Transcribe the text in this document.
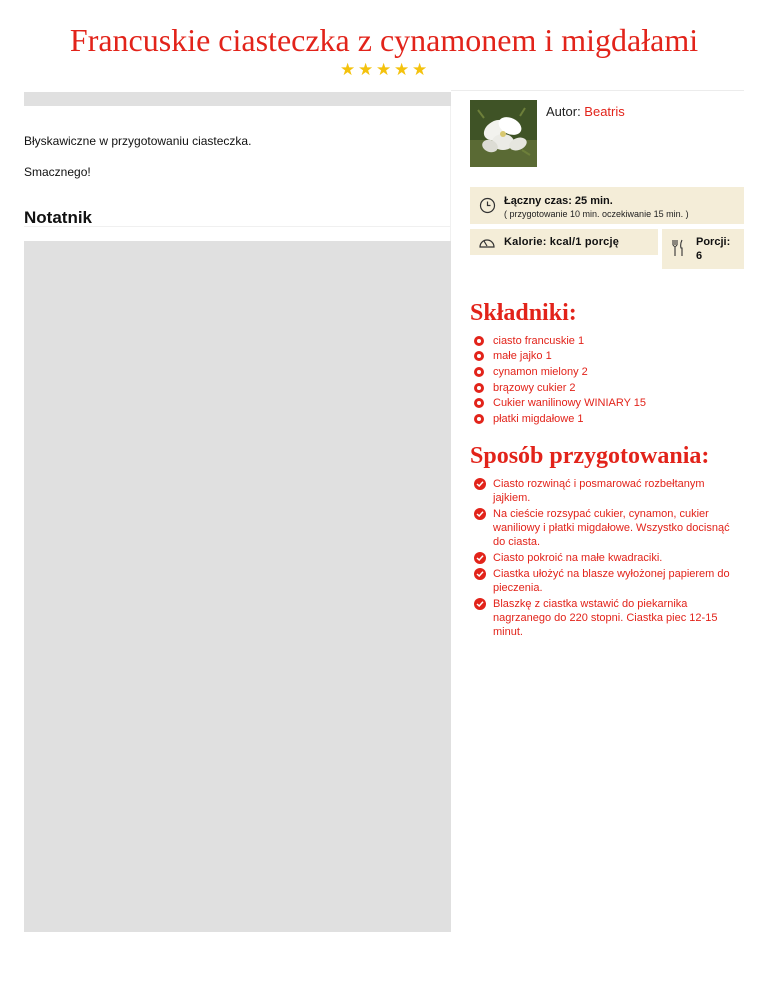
Francuskie ciasteczka z cynamonem i migdałami
★ ★ ★ ★ ★

Błyskawiczne w przygotowaniu ciasteczka.

Smacznego!

Notatnik
Autor: Beatris
Łączny czas: 25 min.
( przygotowanie 10 min. oczekiwanie 15 min. )
Kalorie: kcal/1 porcję	Porcji:
6
Składniki:
ciasto francuskie 1
małe jajko 1
cynamon mielony 2
brązowy cukier 2
Cukier wanilinowy WINIARY 15
płatki migdałowe 1
Sposób przygotowania:
Ciasto rozwinąć i posmarować rozbełtanym jajkiem.
Na cieście rozsypać cukier, cynamon, cukier waniliowy i płatki migdałowe. Wszystko docisnąć do ciasta.
Ciasto pokroić na małe kwadraciki.
Ciastka ułożyć na blasze wyłożonej papierem do pieczenia.
Blaszkę z ciastka wstawić do piekarnika nagrzanego do 220 stopni. Ciastka piec 12-15 minut.
